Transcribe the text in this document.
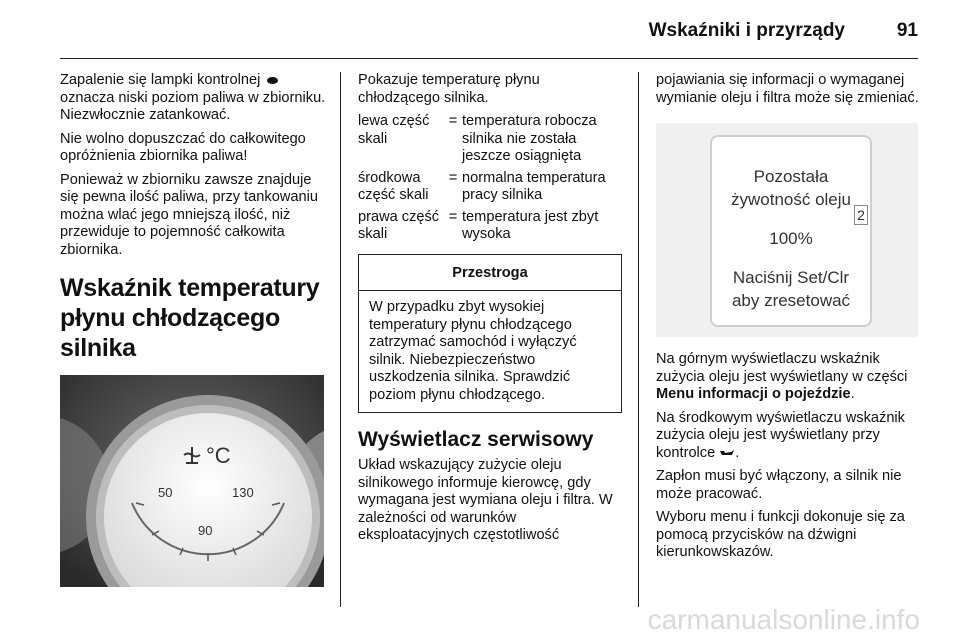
Wskaźniki i przyrządy	91

Zapalenie się lampki kontrolnej  oznacza niski poziom paliwa w zbiorniku. Niezwłocznie zatankować.

Nie wolno dopuszczać do całkowitego opróżnienia zbiornika paliwa!

Ponieważ w zbiorniku zawsze znajduje się pewna ilość paliwa, przy tankowaniu można wlać jego mniejszą ilość, niż przewiduje to pojemność całkowita zbiornika.

Wskaźnik temperatury płynu chłodzącego silnika
°C
50
90
130

Pokazuje temperaturę płynu chłodzącego silnika.

lewa część skali	=	temperatura robocza silnika nie została jeszcze osiągnięta
środkowa część skali	=	normalna temperatura pracy silnika
prawa część skali	=	temperatura jest zbyt wysoka
Przestroga
W przypadku zbyt wysokiej temperatury płynu chłodzącego zatrzymać samochód i wyłączyć silnik. Niebezpieczeństwo uszkodzenia silnika. Sprawdzić poziom płynu chłodzącego.
Wyświetlacz serwisowy

Układ wskazujący zużycie oleju silnikowego informuje kierowcę, gdy wymagana jest wymiana oleju i filtra. W zależności od warunków eksploatacyjnych częstotliwość

pojawiania się informacji o wymaganej wymianie oleju i filtra może się zmieniać.

Pozostała
żywotność oleju
2
100%
Naciśnij Set/Clr
aby zresetować

Na górnym wyświetlaczu wskaźnik zużycia oleju jest wyświetlany w części Menu informacji o pojeździe.

Na środkowym wyświetlaczu wskaźnik zużycia oleju jest wyświetlany przy kontrolce .

Zapłon musi być włączony, a silnik nie może pracować.

Wyboru menu i funkcji dokonuje się za pomocą przycisków na dźwigni kierunkowskazów.

carmanualsonline.info
